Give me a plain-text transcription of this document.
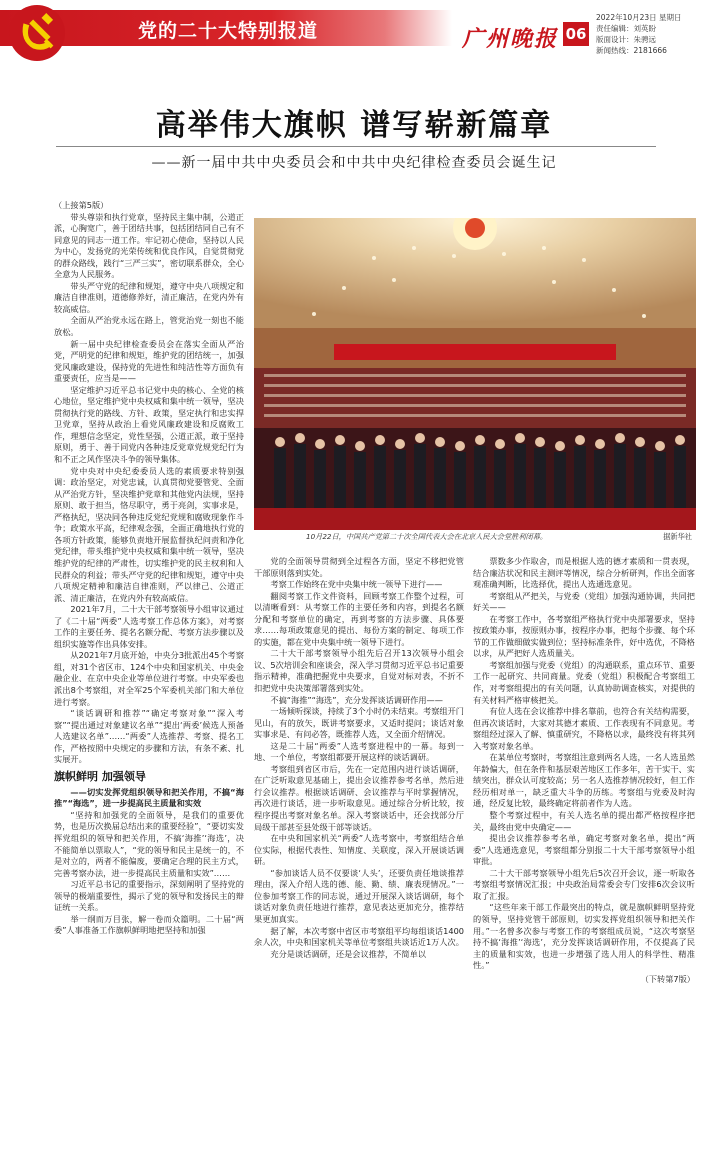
党的二十大特别报道	广州晚报 06
2022年10月23日 星期日
责任编辑：刘英盼
版面设计：朱骋远
新闻热线：2181666
高举伟大旗帜 谱写崭新篇章
——新一届中共中央委员会和中共中央纪律检查委员会诞生记

（上接第5版）

带头尊崇和执行党章，坚持民主集中制，公道正派，心胸宽广，善于团结共事，包括团结同自己有不同意见的同志一道工作。牢记初心使命，坚持以人民为中心，发扬党的光荣传统和优良作风，自觉贯彻党的群众路线，践行“三严三实”，密切联系群众，全心全意为人民服务。

带头严守党的纪律和规矩，遵守中央八项规定和廉洁自律准则，道德修养好，清正廉洁，在党内外有较高威信。

全面从严治党永远在路上，管党治党一刻也不能放松。

新一届中央纪律检查委员会在落实全面从严治党，严明党的纪律和规矩，维护党的团结统一，加强党风廉政建设，保持党的先进性和纯洁性等方面负有重要责任，应当是——

坚定维护习近平总书记党中央的核心、全党的核心地位，坚定维护党中央权威和集中统一领导，坚决贯彻执行党的路线、方针、政策，坚定执行和忠实捍卫党章，坚持从政治上看党风廉政建设和反腐败工作，理想信念坚定，党性坚强，公道正派，敢于坚持原则，勇于、善于同党内各种违反党章党规党纪行为和不正之风作坚决斗争的领导集体。

党中央对中央纪委委员人选的素质要求特别强调：政治坚定，对党忠诚，认真贯彻党要管党、全面从严治党方针，坚决维护党章和其他党内法规，坚持原则、敢于担当，恪尽职守，勇于亮剑，实事求是，严格执纪，坚决同各种违反党纪党规和腐败现象作斗争；政策水平高，纪律观念强，全面正确地执行党的各项方针政策，能够负责地开展监督执纪问责和净化党纪律，带头维护党中央权威和集中统一领导，坚决维护党的纪律的严肃性，切实维护党的民主权利和人民群众的利益；带头严守党的纪律和规矩，遵守中央八项规定精神和廉洁自律准则，严以律己、公道正派、清正廉洁，在党内外有较高威信。

2021年7月，二十大干部考察领导小组审议通过了《二十届“两委”人选考察工作总体方案》，对考察工作的主要任务、提名名额分配、考察方法步骤以及组织实施等作出具体安排。

从2021年7月底开始，中央分3批派出45个考察组，对31个省区市、124个中央和国家机关、中央金融企业、在京中央企业等单位进行考察。中央军委也派出8个考察组，对全军25个军委机关部门和大单位进行考察。

“谈话调研和推荐”“确定考察对象”“深入考察”“提出通过对象建议名单”“提出‘两委’候选人预备人选建议名单”……“两委”人选推荐、考察、提名工作，严格按照中央规定的步骤和方法，有条不紊、扎实展开。

旗帜鲜明 加强领导

——切实发挥党组织领导和把关作用，不搞“海推”“海选”，进一步提高民主质量和实效

“坚持和加强党的全面领导，是我们的重要优势，也是历次换届总结出来的重要经验”，“要切实发挥党组织的领导和把关作用，不搞‘海推’‘海选’，决不能简单以票取人”，“党的领导和民主是统一的，不是对立的，两者不能偏废，要确定合理的民主方式，完善考察办法，进一步提高民主质量和实效”……

习近平总书记的重要指示，深刻阐明了坚持党的领导的极端重要性，揭示了党的领导和发扬民主的辩证统一关系。

举一纲而万目张，解一卷而众篇明。二十届“两委”人事准备工作旗帜鲜明地把坚持和加强

10月22日，中国共产党第二十次全国代表大会在北京人民大会堂胜利闭幕。	据新华社

党的全面领导贯彻到全过程各方面，坚定不移把党管干部原则落到实处。

考察工作始终在党中央集中统一领导下进行——

翻阅考察工作文件资料，回顾考察工作整个过程，可以清晰看到：从考察工作的主要任务和内容，到提名名额分配和考察单位的确定，再到考察的方法步骤、具体要求……每项政策意见的提出、每份方案的制定、每项工作的实施，都在党中央集中统一领导下进行。

二十大干部考察领导小组先后召开13次领导小组会议、5次培训会和座谈会，深入学习贯彻习近平总书记重要指示精神，准确把握党中央要求，自觉对标对表，不折不扣把党中央决策部署落到实处。

不搞“海推”“海选”，充分发挥谈话调研作用——

一场倾听探谈，持续了3个小时仍未结束。考察组开门见山，有的放矢，既讲考察要求，又适时提问；谈话对象实事求是、有问必答，既推荐人选，又全面介绍情况。

这是二十届“两委”人选考察进程中的一幕。每到一地、一个单位，考察组都要开展这样的谈话调研。

考察组到省区市后，先在一定范围内进行谈话调研，在广泛听取意见基础上，提出会议推荐参考名单，然后进行会议推荐。根据谈话调研、会议推荐与平时掌握情况，再次进行谈话，进一步听取意见。通过综合分析比较，按程序提出考察对象名单。深入考察谈话中，还会找部分厅局级干部甚至县处级干部等谈话。

在中央和国家机关“两委”人选考察中，考察组结合单位实际，根据代表性、知情度、关联度，深入开展谈话调研。

“参加谈话人员不仅要谈‘人头’，还要负责任地谈推荐理由，深入介绍人选的德、能、勤、绩、廉表现情况。”一位参加考察工作的同志说，通过开展深入谈话调研，每个谈话对象负责任地进行推荐，意见表达更加充分，推荐结果更加真实。

据了解，本次考察中省区市考察组平均每组谈话1400余人次，中央和国家机关等单位考察组共谈话近1万人次。

充分是谈话调研，还是会议推荐，不简单以

票数多少作取舍，而是根据人选的德才素质和一贯表现，结合廉洁状况和民主测评等情况，综合分析研判，作出全面客观准确判断，比选择优，提出人选通选意见。

考察组从严把关，与党委（党组）加强沟通协调，共同把好关——

在考察工作中，各考察组严格执行党中央部署要求，坚持按政策办事，按原则办事，按程序办事，把每个步骤、每个环节的工作做细做实做到位；坚持标准条件，好中选优，不降格以求，从严把好人选质量关。

考察组加强与党委（党组）的沟通联系，重点环节、重要工作一起研究、共同商量。党委（党组）积极配合考察组工作，对考察组提出的有关问题，认真协助调查核实，对提供的有关材料严格审核把关。

有位人选在会议推荐中排名靠前，也符合有关结构需要，但再次谈话时，大家对其德才素质、工作表现有不同意见。考察组经过深入了解、慎重研究，不降格以求，最终没有将其列入考察对象名单。

在某单位考察时，考察组注意到两名人选，一名人选虽然年龄偏大，但在条件和基层艰苦地区工作多年，苦干实干、实绩突出，群众认可度较高；另一名人选推荐情况较好，但工作经历相对单一，缺乏重大斗争的历练。考察组与党委及时沟通，经反复比较，最终确定将前者作为人选。

整个考察过程中，有关人选名单的提出都严格按程序把关，最终由党中央确定——

提出会议推荐参考名单，确定考察对象名单，提出“两委”人选通选意见，考察组都分别报二十大干部考察领导小组审批。

二十大干部考察领导小组先后5次召开会议，逐一听取各考察组考察情况汇报；中央政治局常委会专门安排6次会议听取了汇报。

“这些年来干部工作最突出的特点，就是旗帜鲜明坚持党的领导，坚持党管干部原则，切实发挥党组织领导和把关作用。”一名曾多次参与考察工作的考察组成员说，“这次考察坚持不搞‘海推’‘海选’，充分发挥谈话调研作用，不仅提高了民主的质量和实效，也进一步增强了选人用人的科学性、精准性。”

（下转第7版）
